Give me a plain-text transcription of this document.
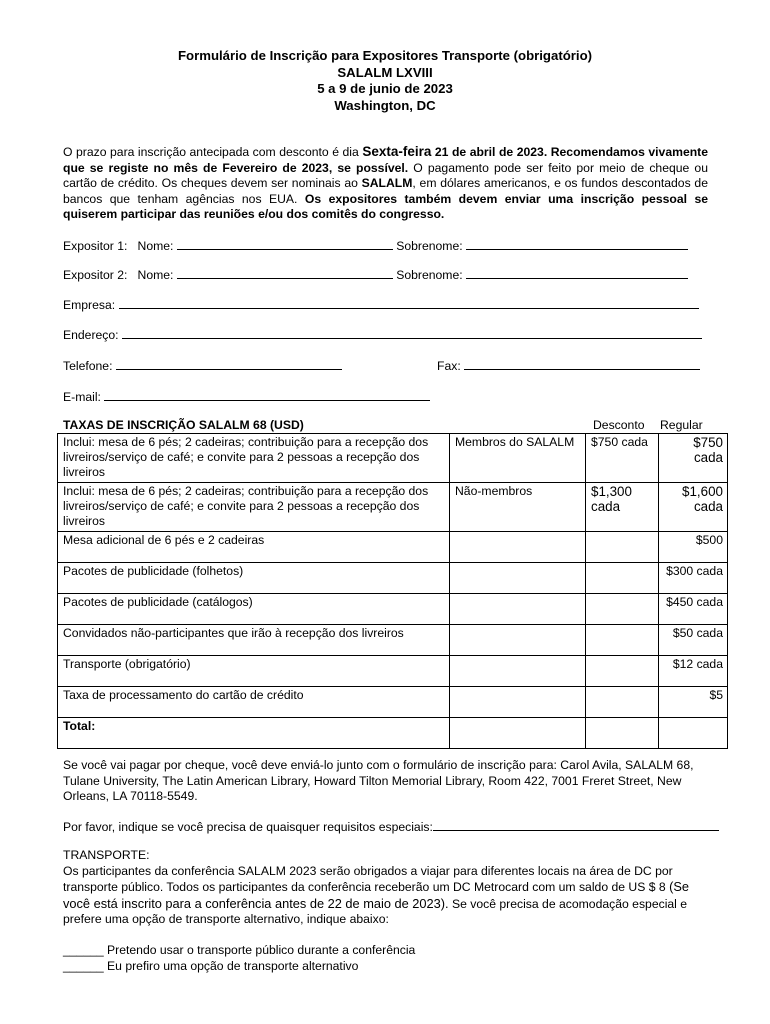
Formulário de Inscrição para Expositores Transporte (obrigatório)
SALALM LXVIII
5 a 9 de junio de 2023
Washington, DC
O prazo para inscrição antecipada com desconto é dia Sexta-feira 21 de abril de 2023. Recomendamos vivamente que se registe no mês de Fevereiro de 2023, se possível. O pagamento pode ser feito por meio de cheque ou cartão de crédito. Os cheques devem ser nominais ao SALALM, em dólares americanos, e os fundos descontados de bancos que tenham agências nos EUA. Os expositores também devem enviar uma inscrição pessoal se quiserem participar das reuniões e/ou dos comitês do congresso.
Expositor 1: Nome:	Sobrenome:
Expositor 2: Nome:	Sobrenome:
Empresa:
Endereço:
Telefone:	Fax:
E-mail:
TAXAS DE INSCRIÇÃO SALALM 68 (USD)	Desconto Regular
Inclui: mesa de 6 pés; 2 cadeiras; contribuição para a recepção dos livreiros/serviço de café; e convite para 2 pessoas a recepção dos livreiros	Membros do SALALM	$750 cada	$750 cada
Inclui: mesa de 6 pés; 2 cadeiras; contribuição para a recepção dos livreiros/serviço de café; e convite para 2 pessoas a recepção dos livreiros	Não-membros	$1,300 cada	$1,600 cada
Mesa adicional de 6 pés e 2 cadeiras			$500
Pacotes de publicidade (folhetos)			$300 cada
Pacotes de publicidade (catálogos)			$450 cada
Convidados não-participantes que irão à recepção dos livreiros			$50 cada
Transporte (obrigatório)			$12 cada
Taxa de processamento do cartão de crédito			$5
Total:			
Se você vai pagar por cheque, você deve enviá-lo junto com o formulário de inscrição para: Carol Avila, SALALM 68, Tulane University, The Latin American Library, Howard Tilton Memorial Library, Room 422, 7001 Freret Street, New Orleans, LA 70118-5549.
Por favor, indique se você precisa de quaisquer requisitos especiais:
TRANSPORTE:
Os participantes da conferência SALALM 2023 serão obrigados a viajar para diferentes locais na área de DC por transporte público. Todos os participantes da conferência receberão um DC Metrocard com um saldo de US $ 8 (Se você está inscrito para a conferência antes de 22 de maio de 2023). Se você precisa de acomodação especial e prefere uma opção de transporte alternativo, indique abaixo:
______ Pretendo usar o transporte público durante a conferência
______ Eu prefiro uma opção de transporte alternativo
